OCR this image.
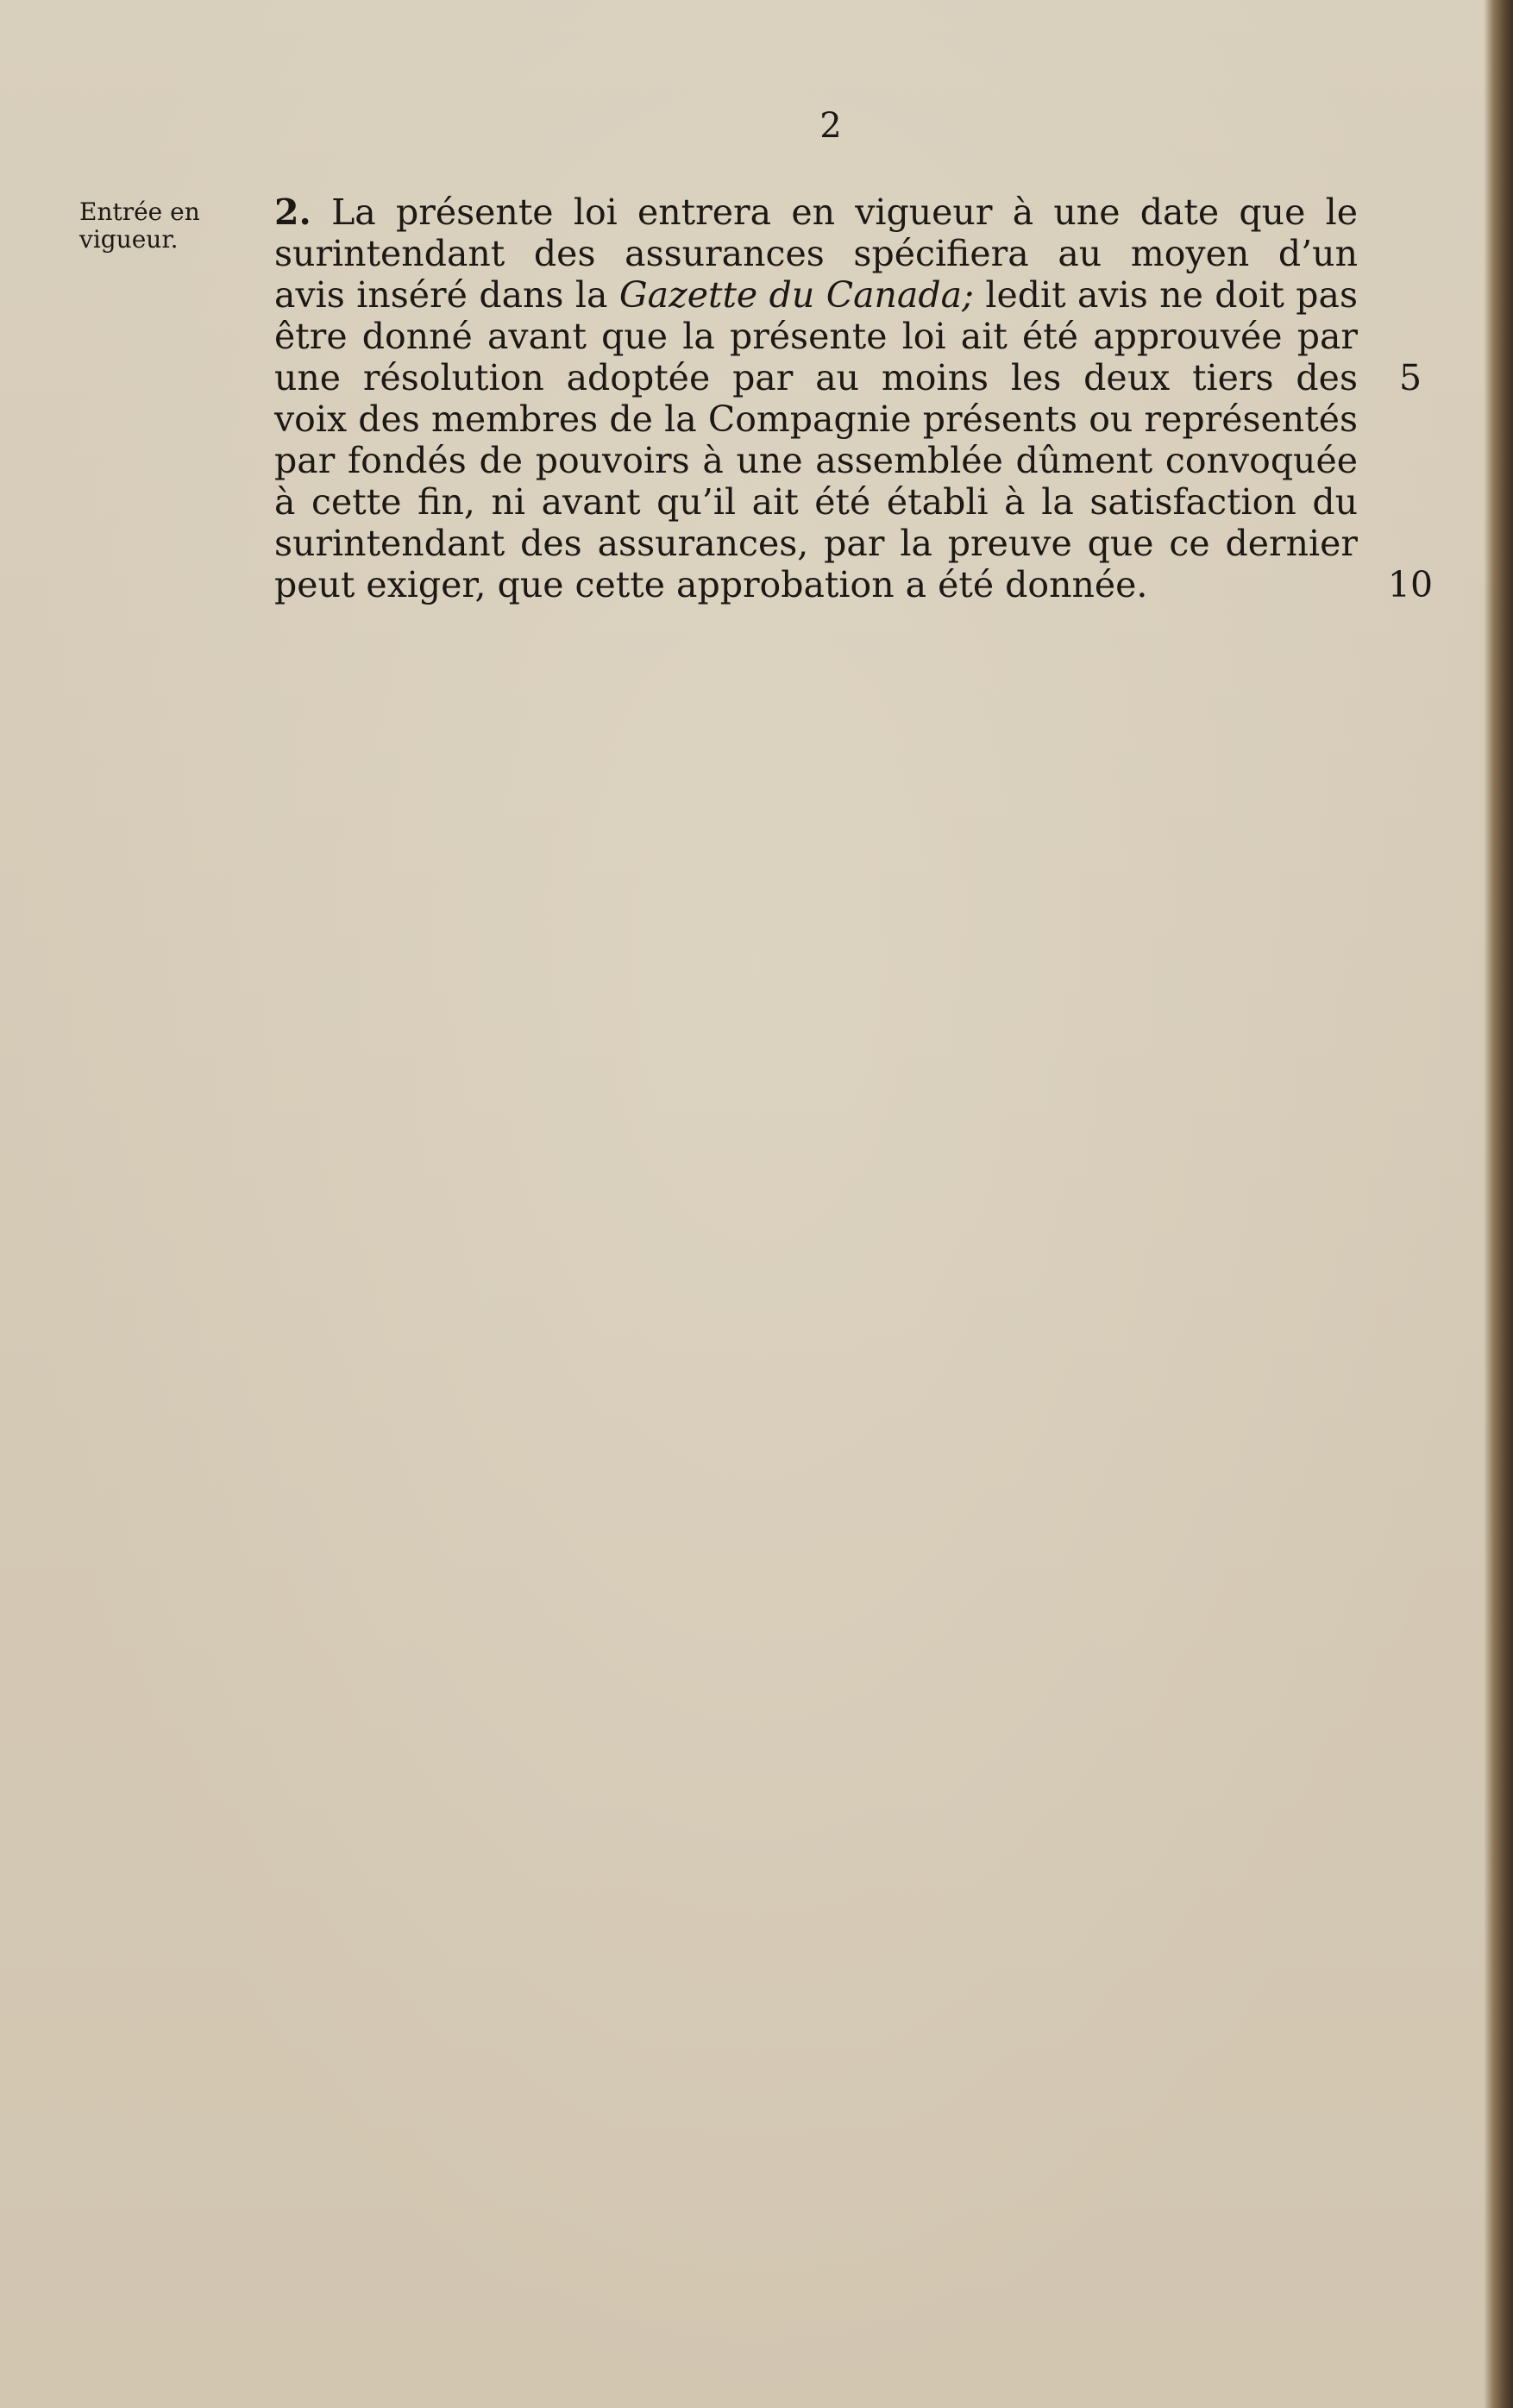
2
Entrée en
vigueur.
2. La présente loi entrera en vigueur à une date que le
surintendant des assurances spécifiera au moyen d’un
avis inséré dans la Gazette du Canada; ledit avis ne doit pas
être donné avant que la présente loi ait été approuvée par
une résolution adoptée par au moins les deux tiers des
voix des membres de la Compagnie présents ou représentés
par fondés de pouvoirs à une assemblée dûment convoquée
à cette fin, ni avant qu’il ait été établi à la satisfaction du
surintendant des assurances, par la preuve que ce dernier
peut exiger, que cette approbation a été donnée.
5
10
